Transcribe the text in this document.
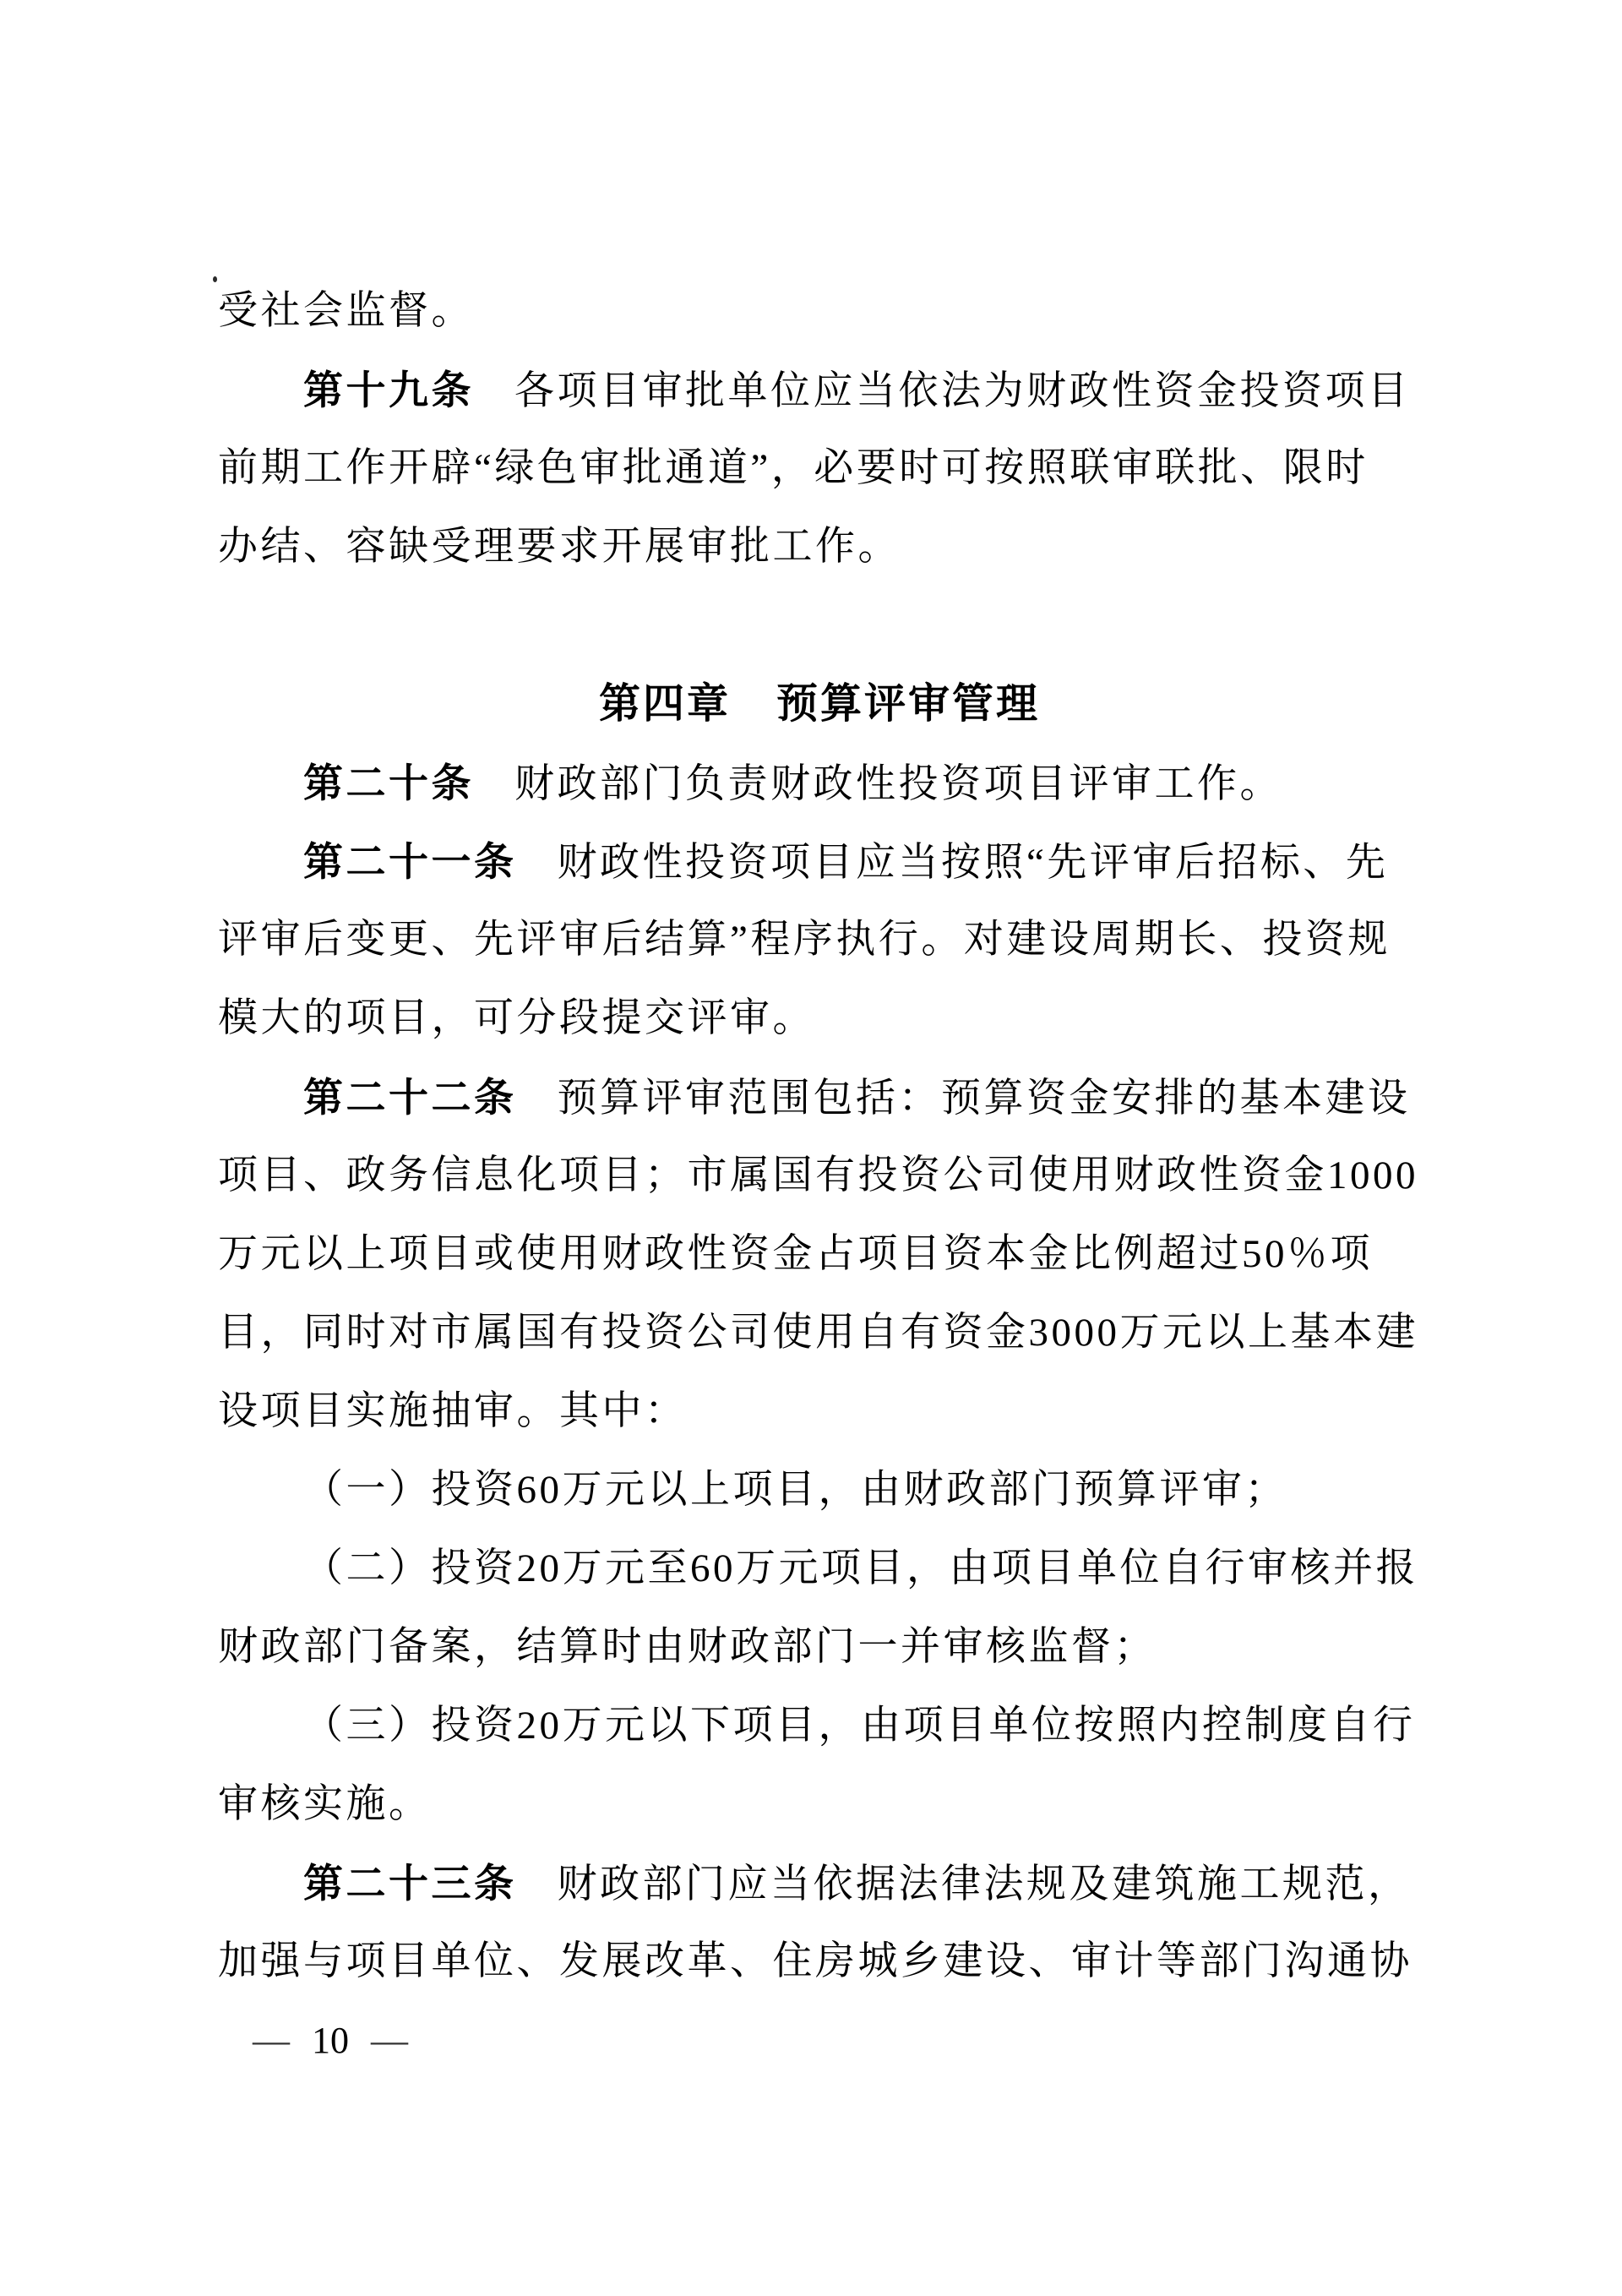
受社会监督。
第十九条 各项目审批单位应当依法为财政性资金投资项目
前期工作开辟“绿色审批通道”，必要时可按照联审联批、限时
办结、容缺受理要求开展审批工作。
第四章 预算评审管理
第二十条 财政部门负责财政性投资项目评审工作。
第二十一条 财政性投资项目应当按照“先评审后招标、先
评审后变更、先评审后结算”程序执行。对建设周期长、投资规
模大的项目，可分段提交评审。
第二十二条 预算评审范围包括：预算资金安排的基本建设
项目、政务信息化项目；市属国有投资公司使用财政性资金1000
万元以上项目或使用财政性资金占项目资本金比例超过50％项
目，同时对市属国有投资公司使用自有资金3000万元以上基本建
设项目实施抽审。其中：
（一）投资60万元以上项目，由财政部门预算评审；
（二）投资20万元至60万元项目，由项目单位自行审核并报
财政部门备案，结算时由财政部门一并审核监督；
（三）投资20万元以下项目，由项目单位按照内控制度自行
审核实施。
第二十三条 财政部门应当依据法律法规及建筑施工规范，
加强与项目单位、发展改革、住房城乡建设、审计等部门沟通协
— 10 —
